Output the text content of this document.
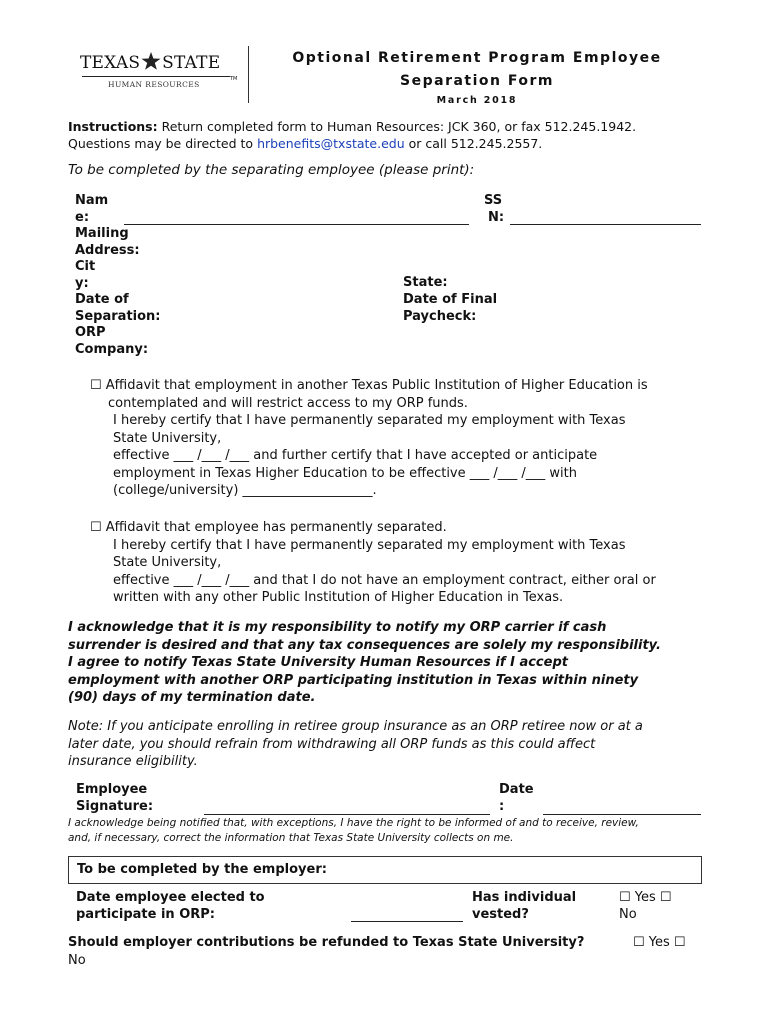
TEXAS STATE
HUMAN RESOURCES
TM
Optional Retirement Program Employee
Separation Form
March 2018
Instructions: Return completed form to Human Resources: JCK 360, or fax 512.245.1942.
Questions may be directed to hrbenefits@txstate.edu or call 512.245.2557.
To be completed by the separating employee (please print):
Nam
e:
SS
N:
Mailing
Address:
Cit
y:	State:
Date of
Separation:
Date of Final
Paycheck:
ORP
Company:
☐ Affidavit that employment in another Texas Public Institution of Higher Education is
contemplated and will restrict access to my ORP funds.
I hereby certify that I have permanently separated my employment with Texas
State University,
effective ___ /___ /___ and further certify that I have accepted or anticipate
employment in Texas Higher Education to be effective ___ /___ /___ with
(college/university) ____________________.
☐ Affidavit that employee has permanently separated.
I hereby certify that I have permanently separated my employment with Texas
State University,
effective ___ /___ /___ and that I do not have an employment contract, either oral or
written with any other Public Institution of Higher Education in Texas.
I acknowledge that it is my responsibility to notify my ORP carrier if cash
surrender is desired and that any tax consequences are solely my responsibility.
I agree to notify Texas State University Human Resources if I accept
employment with another ORP participating institution in Texas within ninety
(90) days of my termination date.
Note: If you anticipate enrolling in retiree group insurance as an ORP retiree now or at a
later date, you should refrain from withdrawing all ORP funds as this could affect
insurance eligibility.
Employee
Signature:
Date
:
I acknowledge being notified that, with exceptions, I have the right to be informed of and to receive, review,
and, if necessary, correct the information that Texas State University collects on me.
To be completed by the employer:
Date employee elected to
participate in ORP:
Has individual
vested?
☐ Yes ☐
No
Should employer contributions be refunded to Texas State University?	☐ Yes ☐
No
